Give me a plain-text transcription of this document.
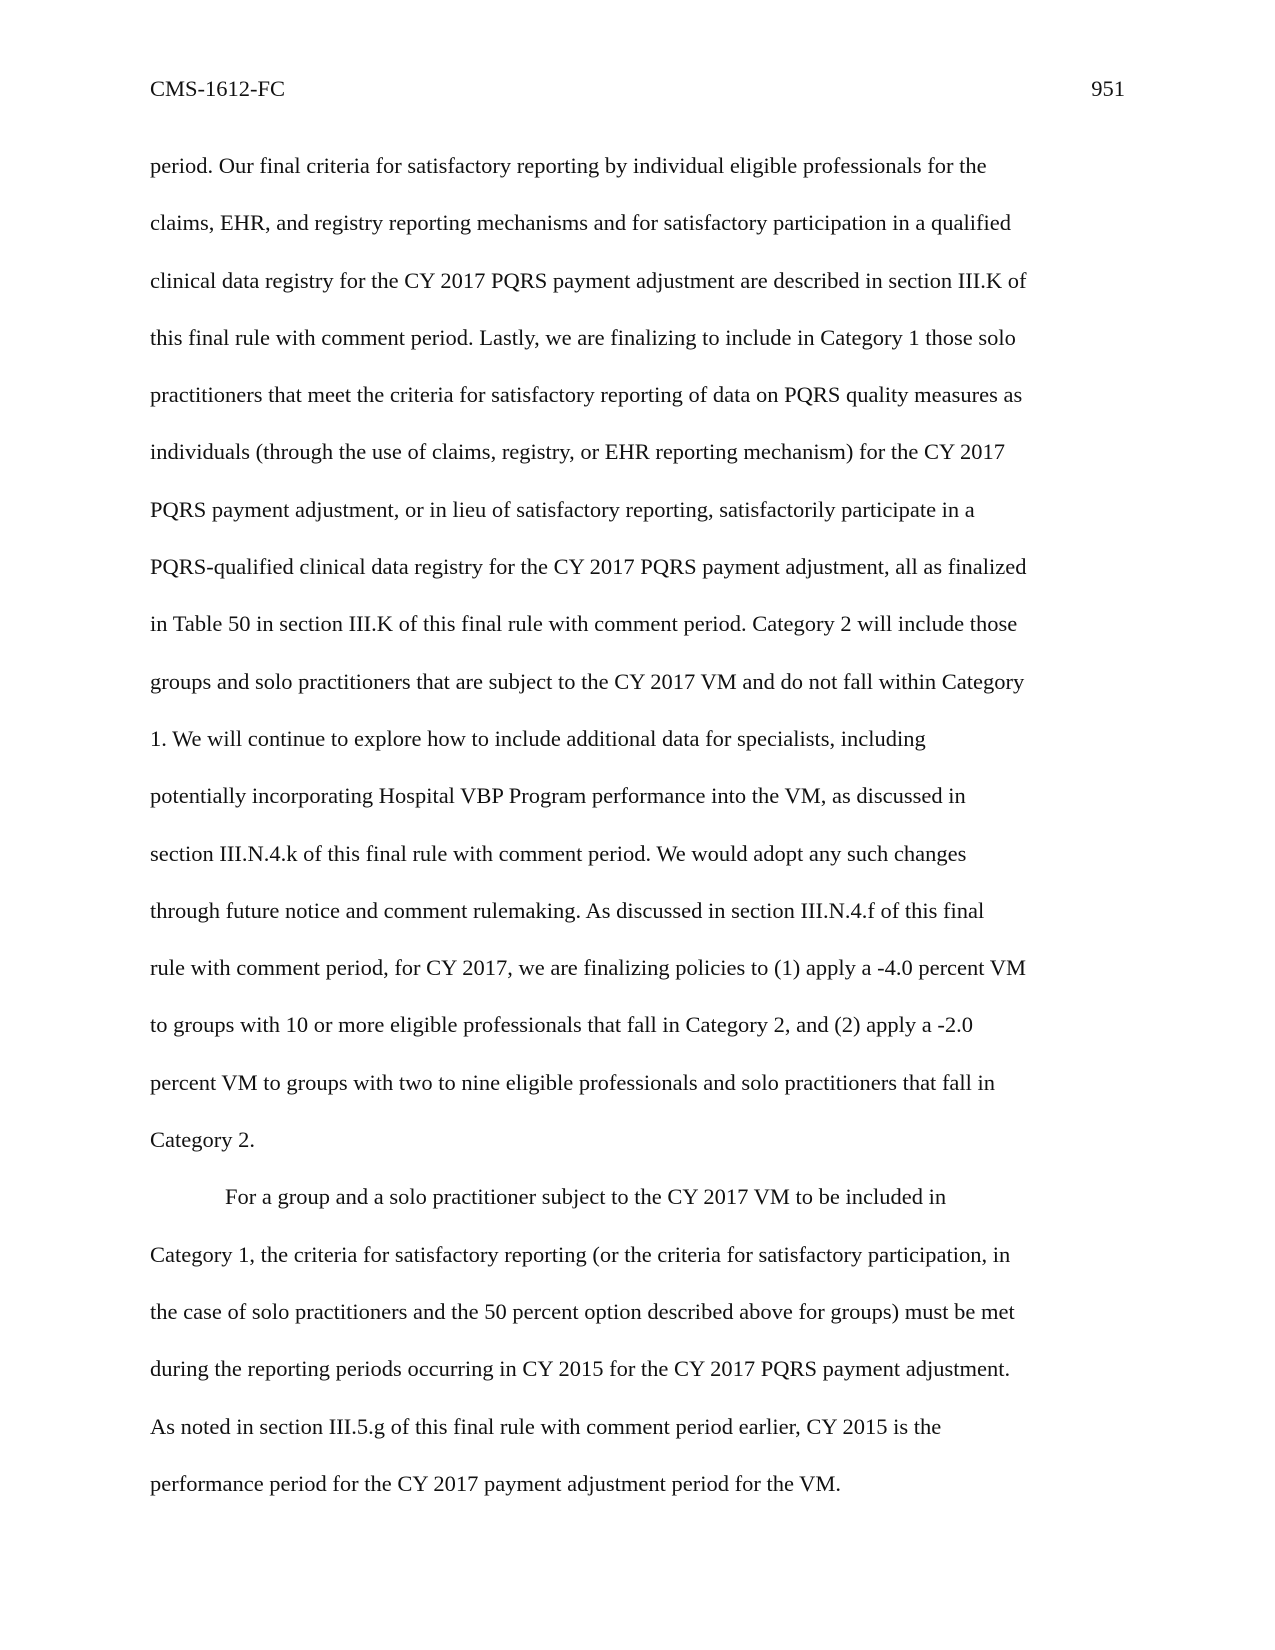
CMS-1612-FC	951
period. Our final criteria for satisfactory reporting by individual eligible professionals for the
claims, EHR, and registry reporting mechanisms and for satisfactory participation in a qualified
clinical data registry for the CY 2017 PQRS payment adjustment are described in section III.K of
this final rule with comment period. Lastly, we are finalizing to include in Category 1 those solo
practitioners that meet the criteria for satisfactory reporting of data on PQRS quality measures as
individuals (through the use of claims, registry, or EHR reporting mechanism) for the CY 2017
PQRS payment adjustment, or in lieu of satisfactory reporting, satisfactorily participate in a
PQRS-qualified clinical data registry for the CY 2017 PQRS payment adjustment, all as finalized
in Table 50 in section III.K of this final rule with comment period. Category 2 will include those
groups and solo practitioners that are subject to the CY 2017 VM and do not fall within Category
1. We will continue to explore how to include additional data for specialists, including
potentially incorporating Hospital VBP Program performance into the VM, as discussed in
section III.N.4.k of this final rule with comment period. We would adopt any such changes
through future notice and comment rulemaking. As discussed in section III.N.4.f of this final
rule with comment period, for CY 2017, we are finalizing policies to (1) apply a -4.0 percent VM
to groups with 10 or more eligible professionals that fall in Category 2, and (2) apply a -2.0
percent VM to groups with two to nine eligible professionals and solo practitioners that fall in
Category 2.
For a group and a solo practitioner subject to the CY 2017 VM to be included in
Category 1, the criteria for satisfactory reporting (or the criteria for satisfactory participation, in
the case of solo practitioners and the 50 percent option described above for groups) must be met
during the reporting periods occurring in CY 2015 for the CY 2017 PQRS payment adjustment.
As noted in section III.5.g of this final rule with comment period earlier, CY 2015 is the
performance period for the CY 2017 payment adjustment period for the VM.
